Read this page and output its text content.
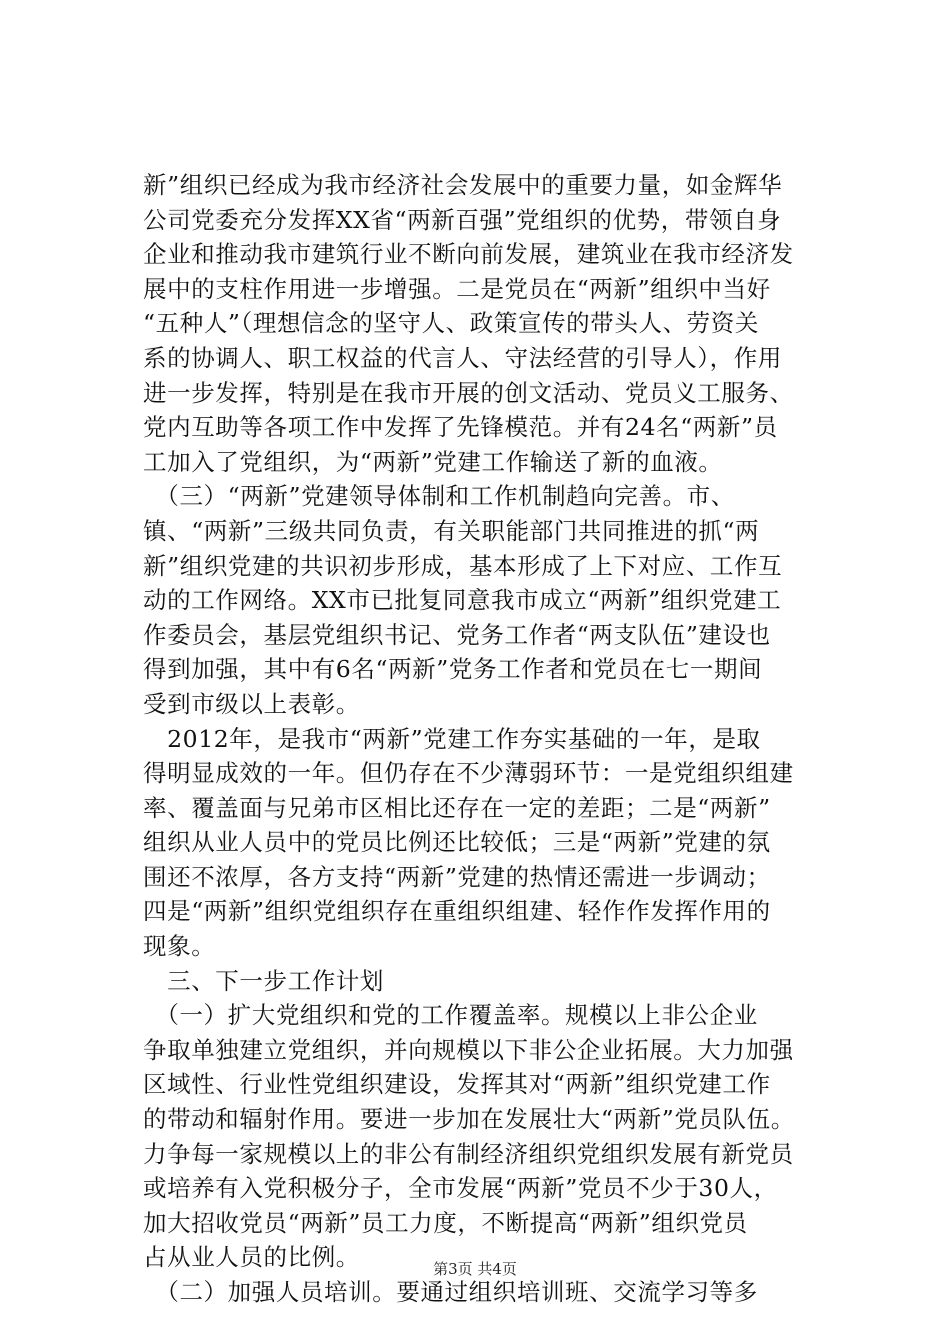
新”组织已经成为我市经济社会发展中的重要力量，如金辉华
公司党委充分发挥XX省“两新百强”党组织的优势，带领自身
企业和推动我市建筑行业不断向前发展，建筑业在我市经济发
展中的支柱作用进一步增强。二是党员在“两新”组织中当好
“五种人”（理想信念的坚守人、政策宣传的带头人、劳资关
系的协调人、职工权益的代言人、守法经营的引导人），作用
进一步发挥，特别是在我市开展的创文活动、党员义工服务、
党内互助等各项工作中发挥了先锋模范。并有24名“两新”员
工加入了党组织，为“两新”党建工作输送了新的血液。
　（三）“两新”党建领导体制和工作机制趋向完善。市、
镇、“两新”三级共同负责，有关职能部门共同推进的抓“两
新”组织党建的共识初步形成，基本形成了上下对应、工作互
动的工作网络。XX市已批复同意我市成立“两新”组织党建工
作委员会，基层党组织书记、党务工作者“两支队伍”建设也
得到加强，其中有6名“两新”党务工作者和党员在七一期间
受到市级以上表彰。
　2012年，是我市“两新”党建工作夯实基础的一年，是取
得明显成效的一年。但仍存在不少薄弱环节：一是党组织组建
率、覆盖面与兄弟市区相比还存在一定的差距；二是“两新”
组织从业人员中的党员比例还比较低；三是“两新”党建的氛
围还不浓厚，各方支持“两新”党建的热情还需进一步调动；
四是“两新”组织党组织存在重组织组建、轻作作发挥作用的
现象。
　三、下一步工作计划
　（一）扩大党组织和党的工作覆盖率。规模以上非公企业
争取单独建立党组织，并向规模以下非公企业拓展。大力加强
区域性、行业性党组织建设，发挥其对“两新”组织党建工作
的带动和辐射作用。要进一步加在发展壮大“两新”党员队伍。
力争每一家规模以上的非公有制经济组织党组织发展有新党员
或培养有入党积极分子，全市发展“两新”党员不少于30人，
加大招收党员“两新”员工力度，不断提高“两新”组织党员
占从业人员的比例。
　（二）加强人员培训。要通过组织培训班、交流学习等多
第3页 共4页
